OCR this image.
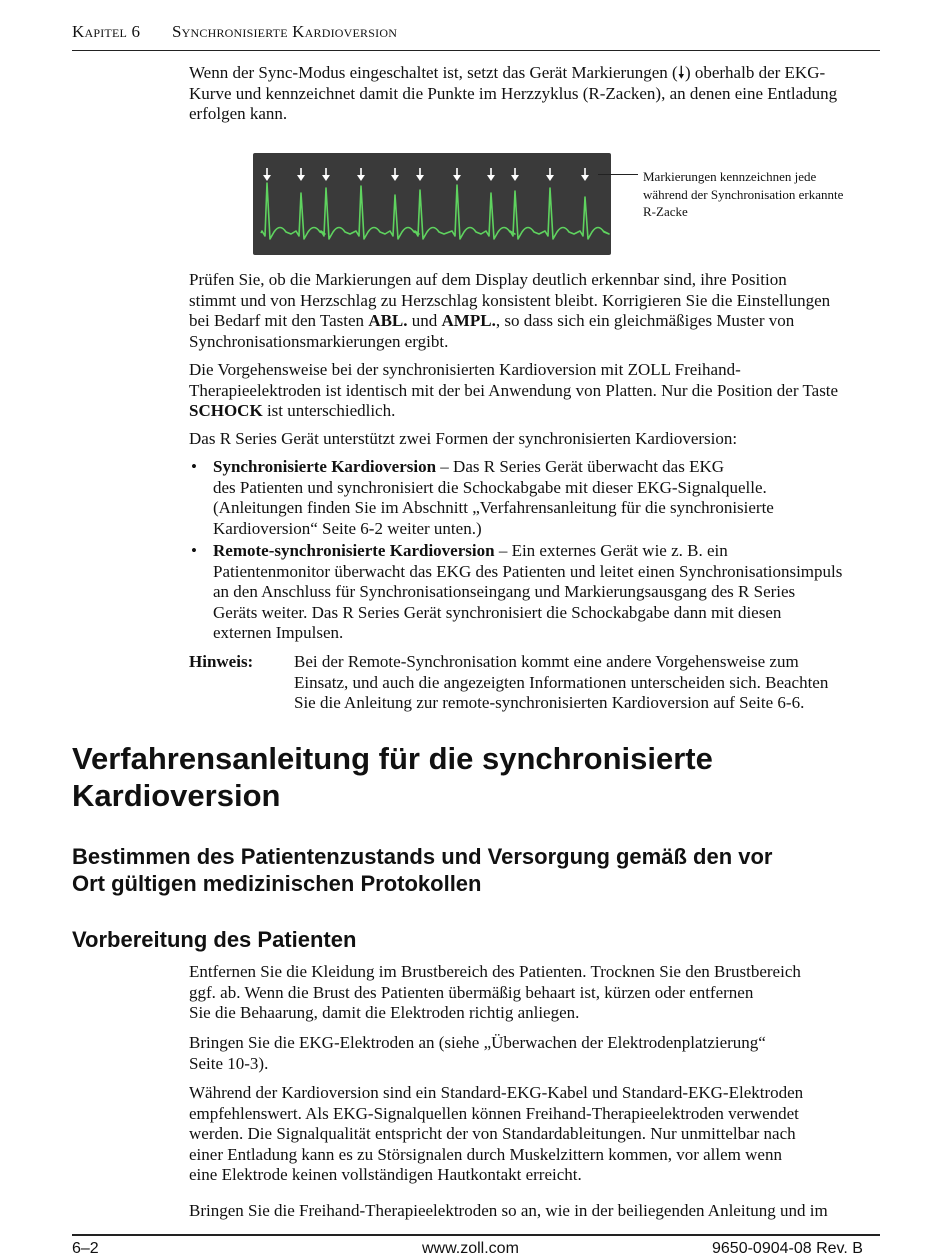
Kapitel 6 Synchronisierte Kardioversion
Wenn der Sync-Modus eingeschaltet ist, setzt das Gerät Markierungen (🠗) oberhalb der EKG-
Kurve und kennzeichnet damit die Punkte im Herzzyklus (R-Zacken), an denen eine Entladung
erfolgen kann.
Markierungen kennzeichnen jede
während der Synchronisation erkannte
R-Zacke
Prüfen Sie, ob die Markierungen auf dem Display deutlich erkennbar sind, ihre Position
stimmt und von Herzschlag zu Herzschlag konsistent bleibt. Korrigieren Sie die Einstellungen
bei Bedarf mit den Tasten ABL. und AMPL., so dass sich ein gleichmäßiges Muster von
Synchronisationsmarkierungen ergibt.
Die Vorgehensweise bei der synchronisierten Kardioversion mit ZOLL Freihand-
Therapieelektroden ist identisch mit der bei Anwendung von Platten. Nur die Position der Taste
SCHOCK ist unterschiedlich.
Das R Series Gerät unterstützt zwei Formen der synchronisierten Kardioversion:
• Synchronisierte Kardioversion – Das R Series Gerät überwacht das EKG
des Patienten und synchronisiert die Schockabgabe mit dieser EKG-Signalquelle.
(Anleitungen finden Sie im Abschnitt „Verfahrensanleitung für die synchronisierte
Kardioversion“ Seite 6-2 weiter unten.)
• Remote-synchronisierte Kardioversion – Ein externes Gerät wie z. B. ein
Patientenmonitor überwacht das EKG des Patienten und leitet einen Synchronisationsimpuls
an den Anschluss für Synchronisationseingang und Markierungsausgang des R Series
Geräts weiter. Das R Series Gerät synchronisiert die Schockabgabe dann mit diesen
externen Impulsen.
Hinweis:	Bei der Remote-Synchronisation kommt eine andere Vorgehensweise zum
Einsatz, und auch die angezeigten Informationen unterscheiden sich. Beachten
Sie die Anleitung zur remote-synchronisierten Kardioversion auf Seite 6-6.
Verfahrensanleitung für die synchronisierte
Kardioversion
Bestimmen des Patientenzustands und Versorgung gemäß den vor
Ort gültigen medizinischen Protokollen
Vorbereitung des Patienten
Entfernen Sie die Kleidung im Brustbereich des Patienten. Trocknen Sie den Brustbereich
ggf. ab. Wenn die Brust des Patienten übermäßig behaart ist, kürzen oder entfernen
Sie die Behaarung, damit die Elektroden richtig anliegen.
Bringen Sie die EKG-Elektroden an (siehe „Überwachen der Elektrodenplatzierung“
Seite 10-3).
Während der Kardioversion sind ein Standard-EKG-Kabel und Standard-EKG-Elektroden
empfehlenswert. Als EKG-Signalquellen können Freihand-Therapieelektroden verwendet
werden. Die Signalqualität entspricht der von Standardableitungen. Nur unmittelbar nach
einer Entladung kann es zu Störsignalen durch Muskelzittern kommen, vor allem wenn
eine Elektrode keinen vollständigen Hautkontakt erreicht.
Bringen Sie die Freihand-Therapieelektroden so an, wie in der beiliegenden Anleitung und im
6–2	www.zoll.com	9650-0904-08 Rev. B
